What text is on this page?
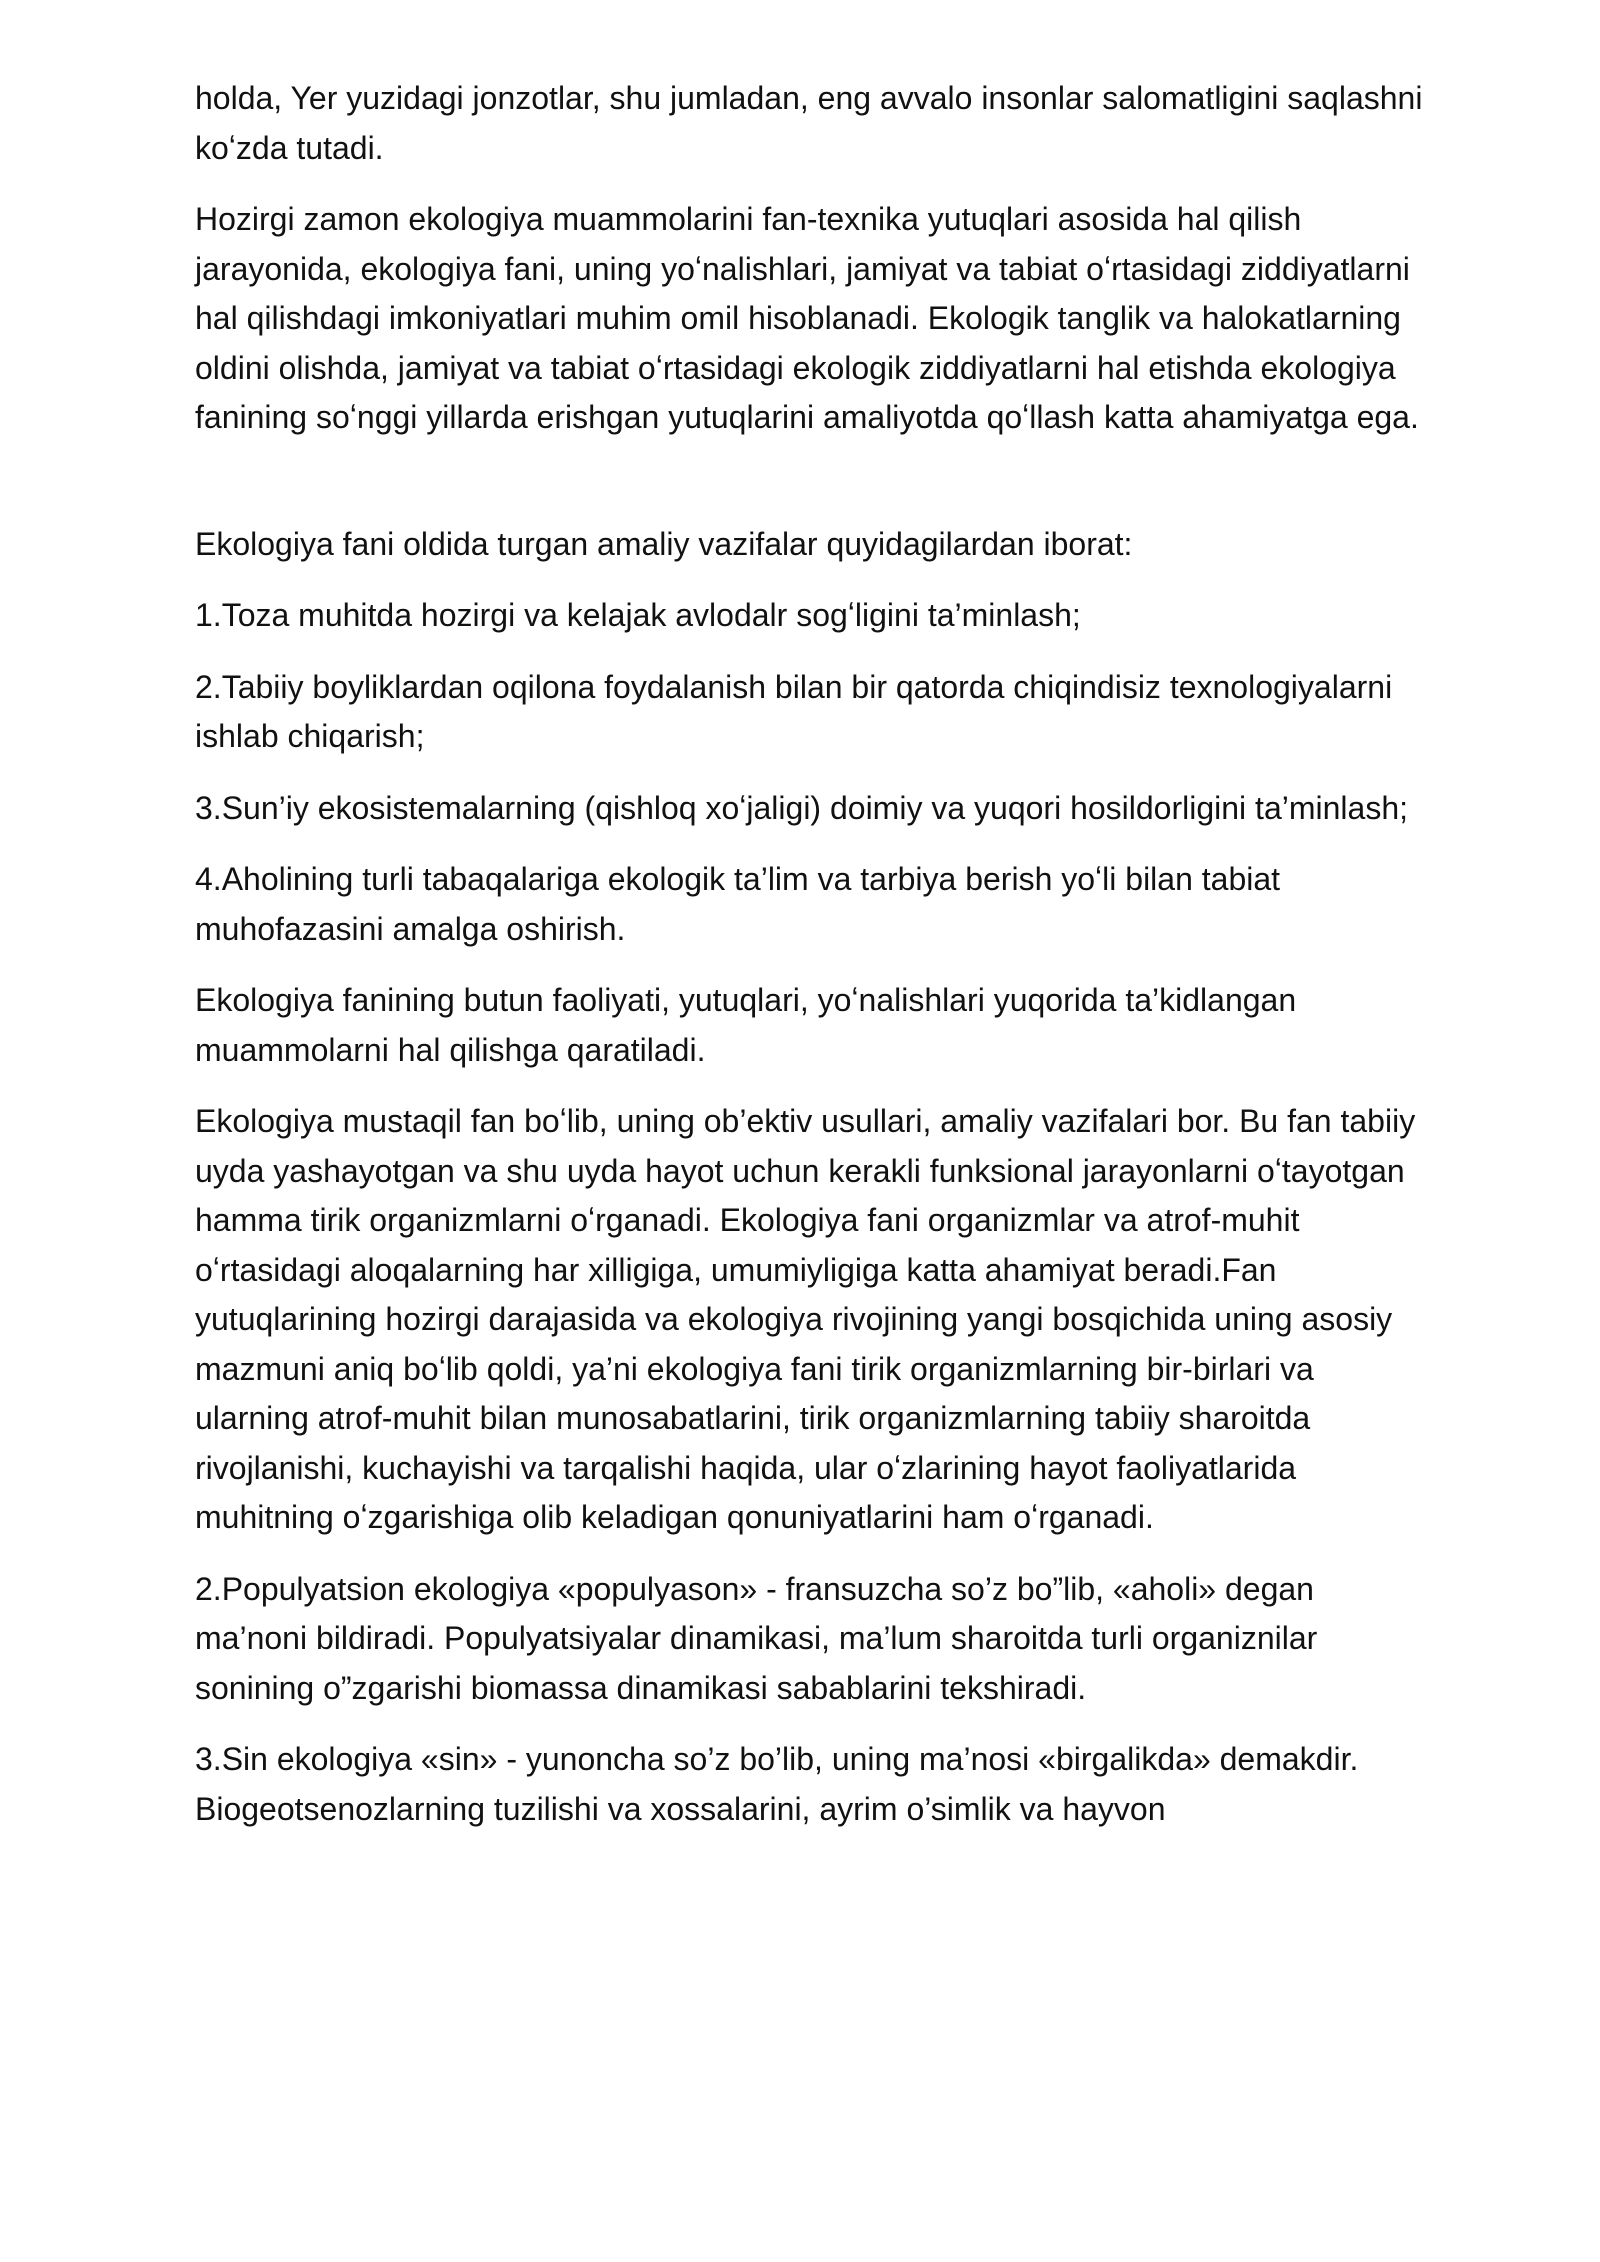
holda, Yer yuzidagi jonzotlar, shu jumladan, eng avvalo insonlar salomatligini saqlashni koʻzda tutadi.

Hozirgi zamon ekologiya muammolarini fan-texnika yutuqlari asosida hal qilish jarayonida, ekologiya fani, uning yoʻnalishlari, jamiyat va tabiat oʻrtasidagi ziddiyatlarni hal qilishdagi imkoniyatlari muhim omil hisoblanadi. Ekologik tanglik va halokatlarning oldini olishda, jamiyat va tabiat oʻrtasidagi ekologik ziddiyatlarni hal etishda ekologiya fanining soʻnggi yillarda erishgan yutuqlarini amaliyotda qoʻllash katta ahamiyatga ega.

Ekologiya fani oldida turgan amaliy vazifalar quyidagilardan iborat:

1.Toza muhitda hozirgi va kelajak avlodalr sogʻligini ta’minlash;

2.Tabiiy boyliklardan oqilona foydalanish bilan bir qatorda chiqindisiz texnologiyalarni ishlab chiqarish;

3.Sun’iy ekosistemalarning (qishloq xoʻjaligi) doimiy va yuqori hosildorligini ta’minlash;

4.Aholining turli tabaqalariga ekologik ta’lim va tarbiya berish yoʻli bilan tabiat muhofazasini amalga oshirish.

Ekologiya fanining butun faoliyati, yutuqlari, yoʻnalishlari yuqorida ta’kidlangan muammolarni hal qilishga qaratiladi.

Ekologiya mustaqil fan boʻlib, uning ob’ektiv usullari, amaliy vazifalari bor. Bu fan tabiiy uyda yashayotgan va shu uyda hayot uchun kerakli funksional jarayonlarni oʻtayotgan hamma tirik organizmlarni oʻrganadi. Ekologiya fani organizmlar va atrof-muhit oʻrtasidagi aloqalarning har xilligiga, umumiyligiga katta ahamiyat beradi.Fan yutuqlarining hozirgi darajasida va ekologiya rivojining yangi bosqichida uning asosiy mazmuni aniq boʻlib qoldi, ya’ni ekologiya fani tirik organizmlarning bir-birlari va ularning atrof-muhit bilan munosabatlarini, tirik organizmlarning tabiiy sharoitda rivojlanishi, kuchayishi va tarqalishi haqida, ular oʻzlarining hayot faoliyatlarida muhitning oʻzgarishiga olib keladigan qonuniyatlarini ham oʻrganadi.

2.Populyatsion ekologiya «populyason» - fransuzcha so’z bo”lib, «aholi» degan ma’noni bildiradi. Populyatsiyalar dinamikasi, ma’lum sharoitda turli organiznilar sonining o”zgarishi biomassa dinamikasi sabablarini tekshiradi.

3.Sin ekologiya «sin» - yunoncha so’z bo’lib, uning ma’nosi «birgalikda» demakdir. Biogeotsenozlarning tuzilishi va xossalarini, ayrim o’simlik va hayvon
